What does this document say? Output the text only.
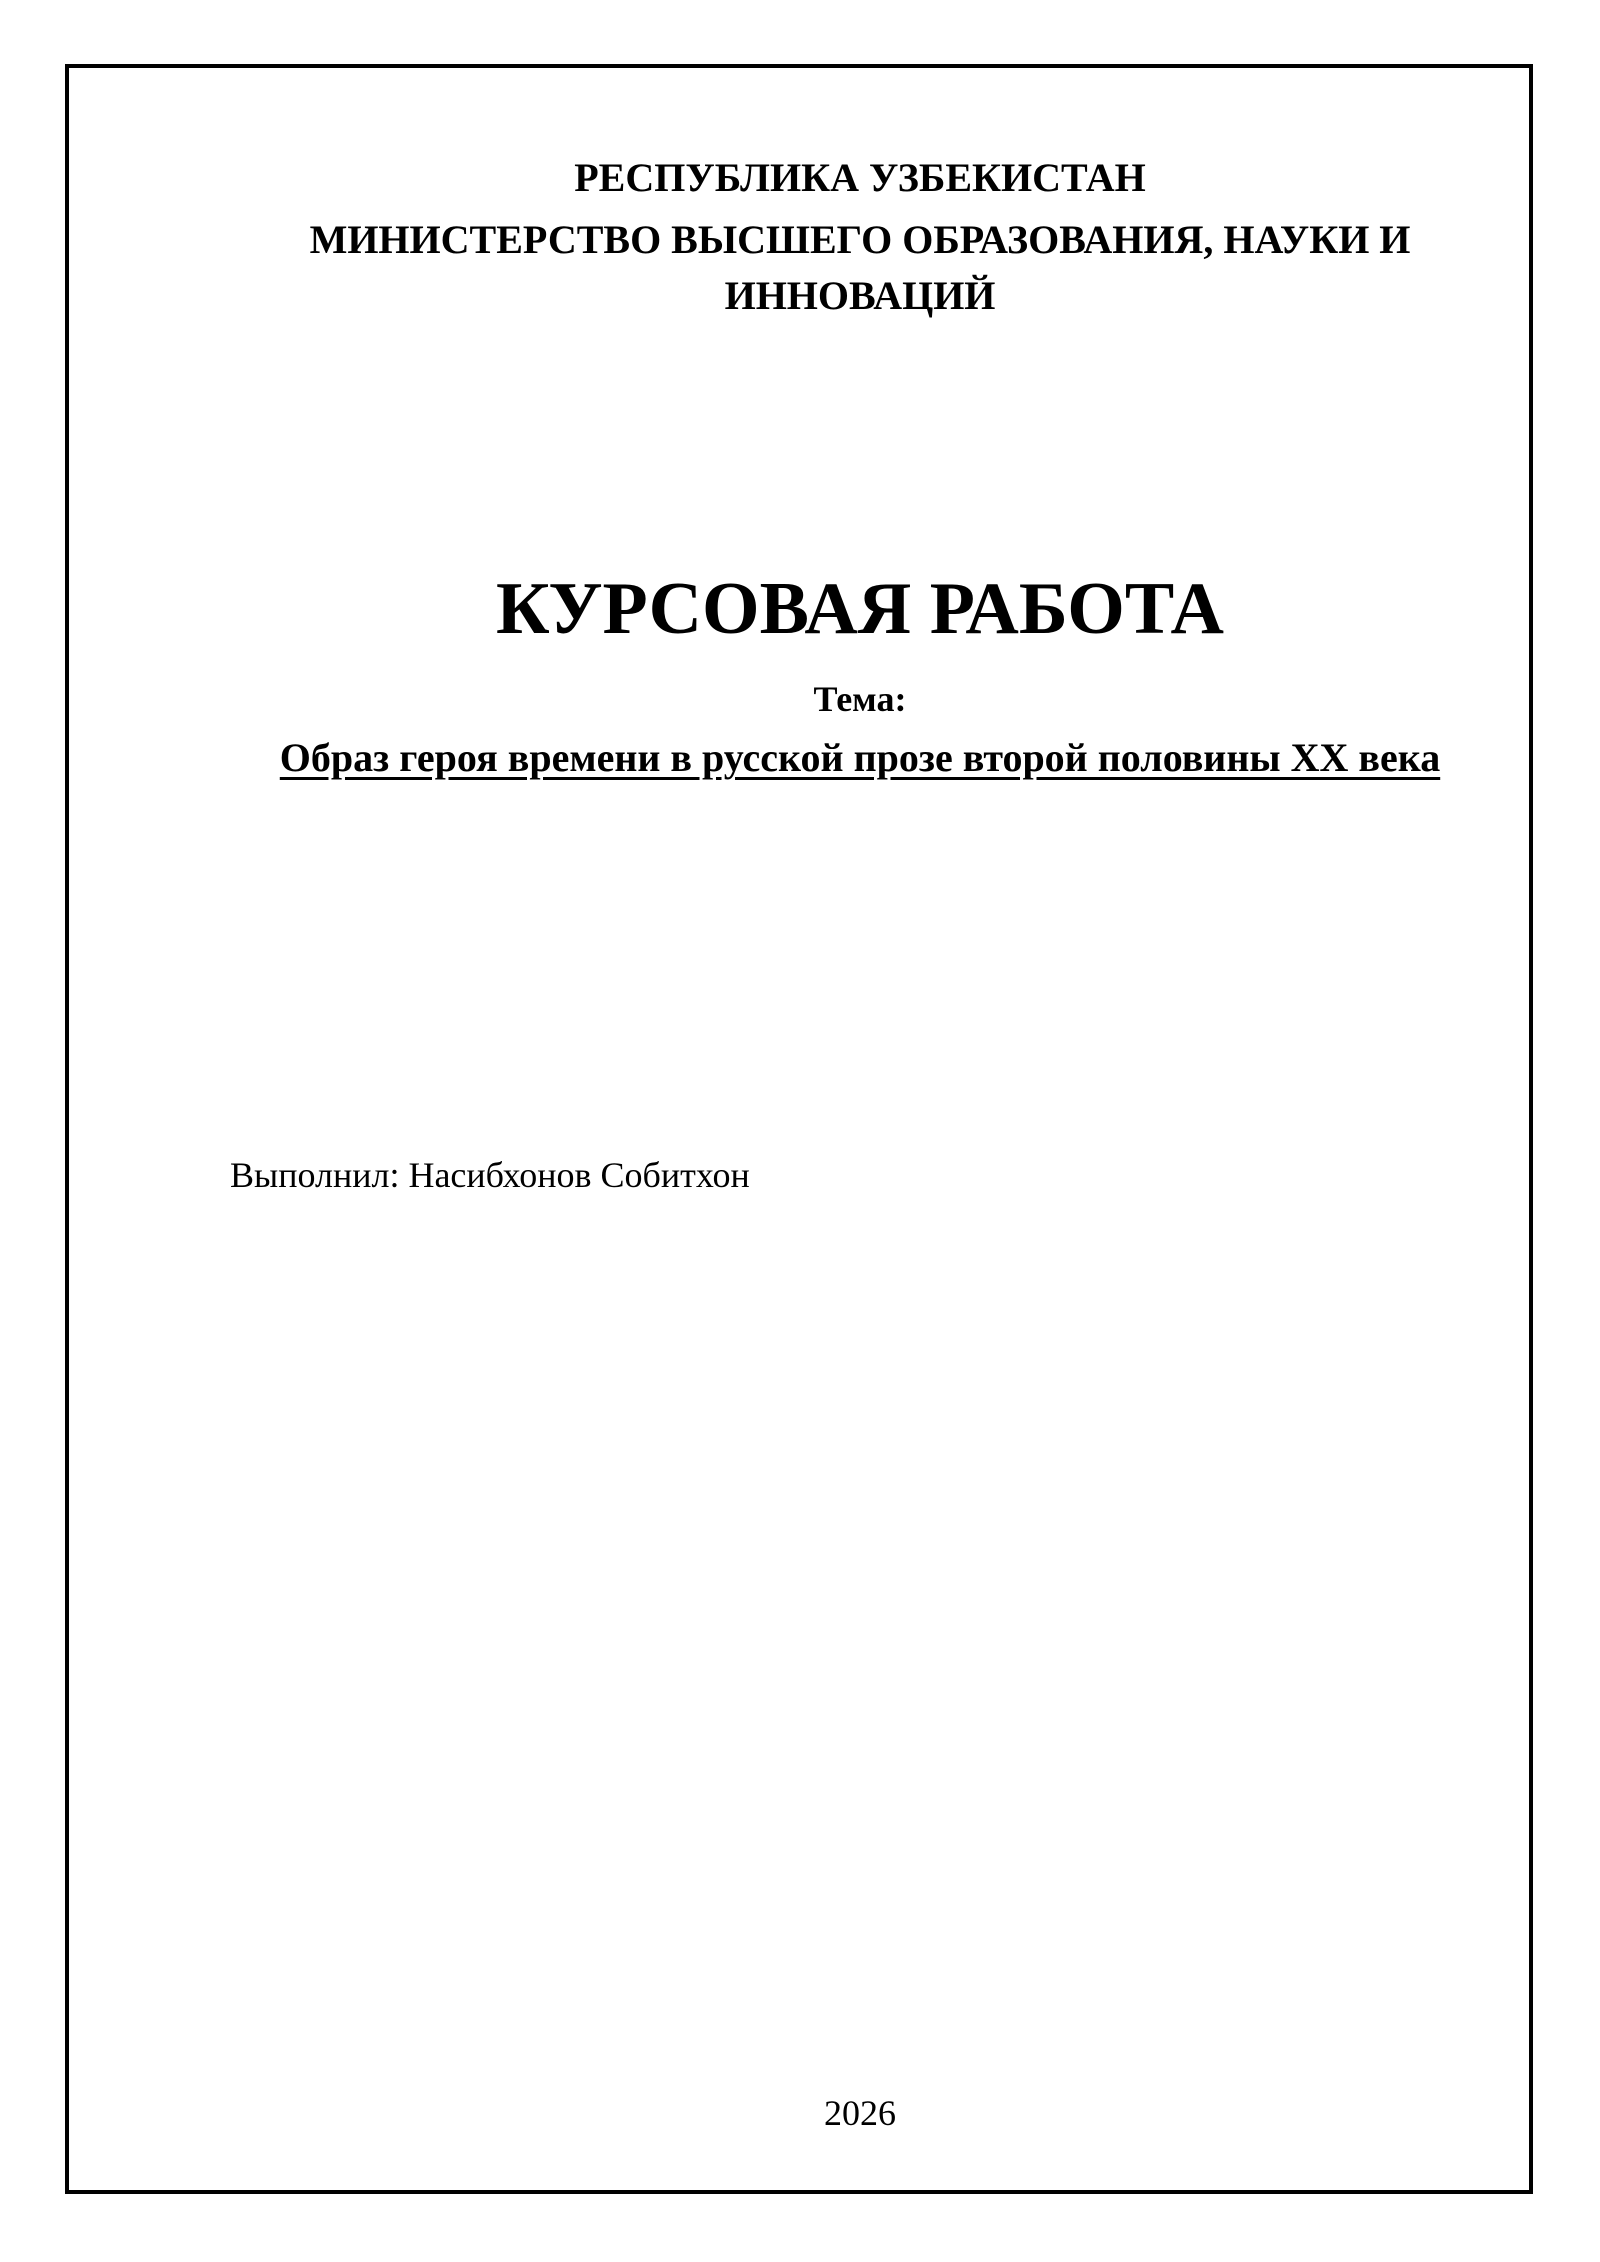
РЕСПУБЛИКА УЗБЕКИСТАН

МИНИСТЕРСТВО ВЫСШЕГО ОБРАЗОВАНИЯ, НАУКИ И

ИННОВАЦИЙ

КУРСОВАЯ РАБОТА

Тема:

Образ героя времени в русской прозе второй половины XX века

Выполнил: Насибхонов Собитхон

2026
